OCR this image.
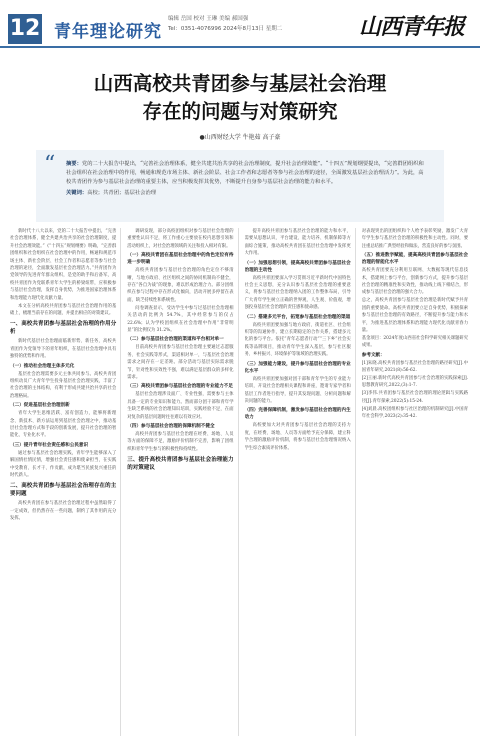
12 青年理论研究
编辑 岳国 校对 王琳 美编 郝国强
Tel：0351-4076996 2024年8月13日 星期二	山西青年报
山西高校共青团参与基层社会治理
存在的问题与对策研究
●山西财经大学 牛艳茹 高子豪
“ 摘要：党的二十大报告中提出，“完善社会治理体系，健全共建共治共享的社会治理制度，提升社会治理效能”。“十四五”规划纲要提出，“完善群团组织和社会组织在社会治理中的作用，畅通和规范市场主体、新社会阶层、社会工作者和志愿者等参与社会治理的途径，全面激发基层社会治理活力”。为此，高校共青团作为参与基层社会治理的重要主体，应当积极发挥其优势，不断提升自身参与基层社会治理的能力和水平。
关键词：高校；共青团；基层社会治理

新时代十八大以来，党的二十大报告中提出，“完善社会治理体系，健全共建共治共享的社会治理制度，提升社会治理效能。”《“十四五”规划纲要》明确，“完善群团组织和社会组织在社会治理中的作用，畅通和规范市场主体、新社会阶层、社会工作者和志愿者等参与社会治理的途径，全面激发基层社会治理活力。”共青团作为党领导的先进青年群众组织，是党的助手和后备军，高校共青团作为党联系青年大学生的桥梁纽带，应积极参与基层社会治理，发挥自身优势，为推进国家治理体系和治理能力现代化贡献力量。

本文在分析高校共青团参与基层社会治理作用的基础上，梳理当前存在的问题，并提出相应的对策建议。

一、高校共青团参与基层社会治理的作用分析

新时代基层社会治理面临新形势、新任务，高校共青团作为党领导下的青年组织，在基层社会治理中具有独特的优势和作用。

（一）推动社会治理主体多元化

基层社会治理需要多元主体共同参与。高校共青团组织动员广大青年学生投身基层社会治理实践，丰富了社会治理的主体结构，有利于形成共建共治共享的社会治理格局。

（二）促进基层社会治理创新

青年大学生思维活跃、富有创造力，能够将新理念、新技术、新方法运用到基层社会治理之中，推动基层社会治理方式和手段的创新发展，提升社会治理的智能化、专业化水平。

（三）提升青年社会责任感和公民意识

通过参与基层社会治理实践，青年学生能够深入了解国情社情民情，增强社会责任感和使命担当，在实践中受教育、长才干、作贡献，成为堪当民族复兴重任的时代新人。

二、高校共青团参与基层社会治理存在的主要问题

高校共青团在参与基层社会治理过程中虽然取得了一定成效，但仍然存在一些问题，制约了其作用的充分发挥。

调研发现，部分高校团组织对参与基层社会治理的重要性认识不足，将工作重心主要放在校内思想引领和活动组织上，对社会治理领域的关注和投入相对有限。

（一）高校共青团在基层社会治理中的角色定位有待进一步明确

高校共青团参与基层社会治理的角色定位不够清晰，与地方政府、社区组织之间的协同机制尚不健全，存在“各自为战”的现象，难以形成治理合力。部分团组织在参与过程中存在形式化倾向，活动开展多停留在表面，缺乏持续性和系统性。

问卷调查显示，受访学生中参与过基层社会治理相关活动的比例为 54.7%，其中经常参与的仅占 22.6%；认为学校团组织在社会治理中作用“非常明显”的比例仅为 31.2%。

（二）参与基层社会治理的渠道和平台相对单一

目前高校共青团参与基层社会治理主要通过志愿服务、社会实践等形式，渠道相对单一，与基层社会治理需求之间存在一定差距。部分活动与基层实际需求脱节，针对性和实效性不强，难以满足基层群众的多样化需求。

（三）高校共青团参与基层社会治理的专业能力不足

基层社会治理涉及面广、专业性强，需要参与主体具备一定的专业知识和能力。然而部分团干部和青年学生缺乏系统的社会治理知识培训，实践经验不足，在面对复杂的基层问题时往往难以有效应对。

（四）参与基层社会治理的保障机制不健全

高校共青团参与基层社会治理在经费、场地、人员等方面的保障不足，激励评价机制不完善，影响了团组织和青年学生参与的积极性和持续性。

三、提升高校共青团参与基层社会治理能力的对策建议

提升高校共青团参与基层社会治理的能力和水平，需要从思想认识、平台建设、能力培养、机制保障等方面综合施策，推动高校共青团在基层社会治理中发挥更大作用。

（一）加强思想引领，提高高校共青团参与基层社会治理的主动性

高校共青团要深入学习贯彻习近平新时代中国特色社会主义思想，充分认识参与基层社会治理的重要意义，将参与基层社会治理纳入团的工作整体布局，引导广大青年学生树立正确的世界观、人生观、价值观，增强投身基层社会治理的责任感和使命感。

（二）搭建多元平台，拓宽参与基层社会治理的渠道

高校共青团要加强与地方政府、街道社区、社会组织等的沟通协作，建立长期稳定的合作关系，搭建多元化的参与平台。依托“青年志愿者行动”“三下乡”社会实践等品牌项目，推动青年学生深入基层，参与社区服务、乡村振兴、环境保护等领域的治理实践。

（三）加强能力建设，提升参与基层社会治理的专业化水平

高校共青团要加强对团干部和青年学生的专业能力培训，开设社会治理相关课程和讲座，邀请专家学者和基层工作者进行指导，提升其发现问题、分析问题和解决问题的能力。

（四）完善保障机制，激发参与基层社会治理的内生动力

高校要加大对共青团参与基层社会治理的支持力度，在经费、场地、人员等方面给予充分保障，建立科学合理的激励评价机制，将参与基层社会治理情况纳入学生综合素质评价体系。

对表现突出的团组织和个人给予表彰奖励，激发广大青年学生参与基层社会治理的积极性和主动性。同时，要注重总结推广典型经验和做法，营造良好的参与氛围。

（五）推进数字赋能，提高高校共青团参与基层社会治理的智能化水平

高校共青团要充分利用互联网、大数据等现代信息技术，搭建网上参与平台，创新参与方式，提升参与基层社会治理的精准性和实效性，推动线上线下相结合，形成参与基层社会治理的强大合力。

总之，高校共青团参与基层社会治理是新时代赋予共青团的重要使命。高校共青团要立足自身优势，积极探索参与基层社会治理的有效路径，不断提升参与能力和水平，为推进基层治理体系和治理能力现代化贡献青春力量。

基金项目：2024年度山西省社会科学研究相关课题研究成果。

参考文献：

[1]朱晓.高校共青团参与基层社会治理的路径研究[J].中国青年研究,2021(8):56-62.

[2]王丽.新时代高校共青团参与社会治理的实践探索[J].思想教育研究,2022,(3):1-7.

[3]李伟.共青团参与基层社会治理的理论逻辑与实践路径[J].青年探索,2022(5):15-24.

[4]刘晨.高校团组织参与社区治理的机制研究[J].中国青年社会科学,2023(2):35-42.
